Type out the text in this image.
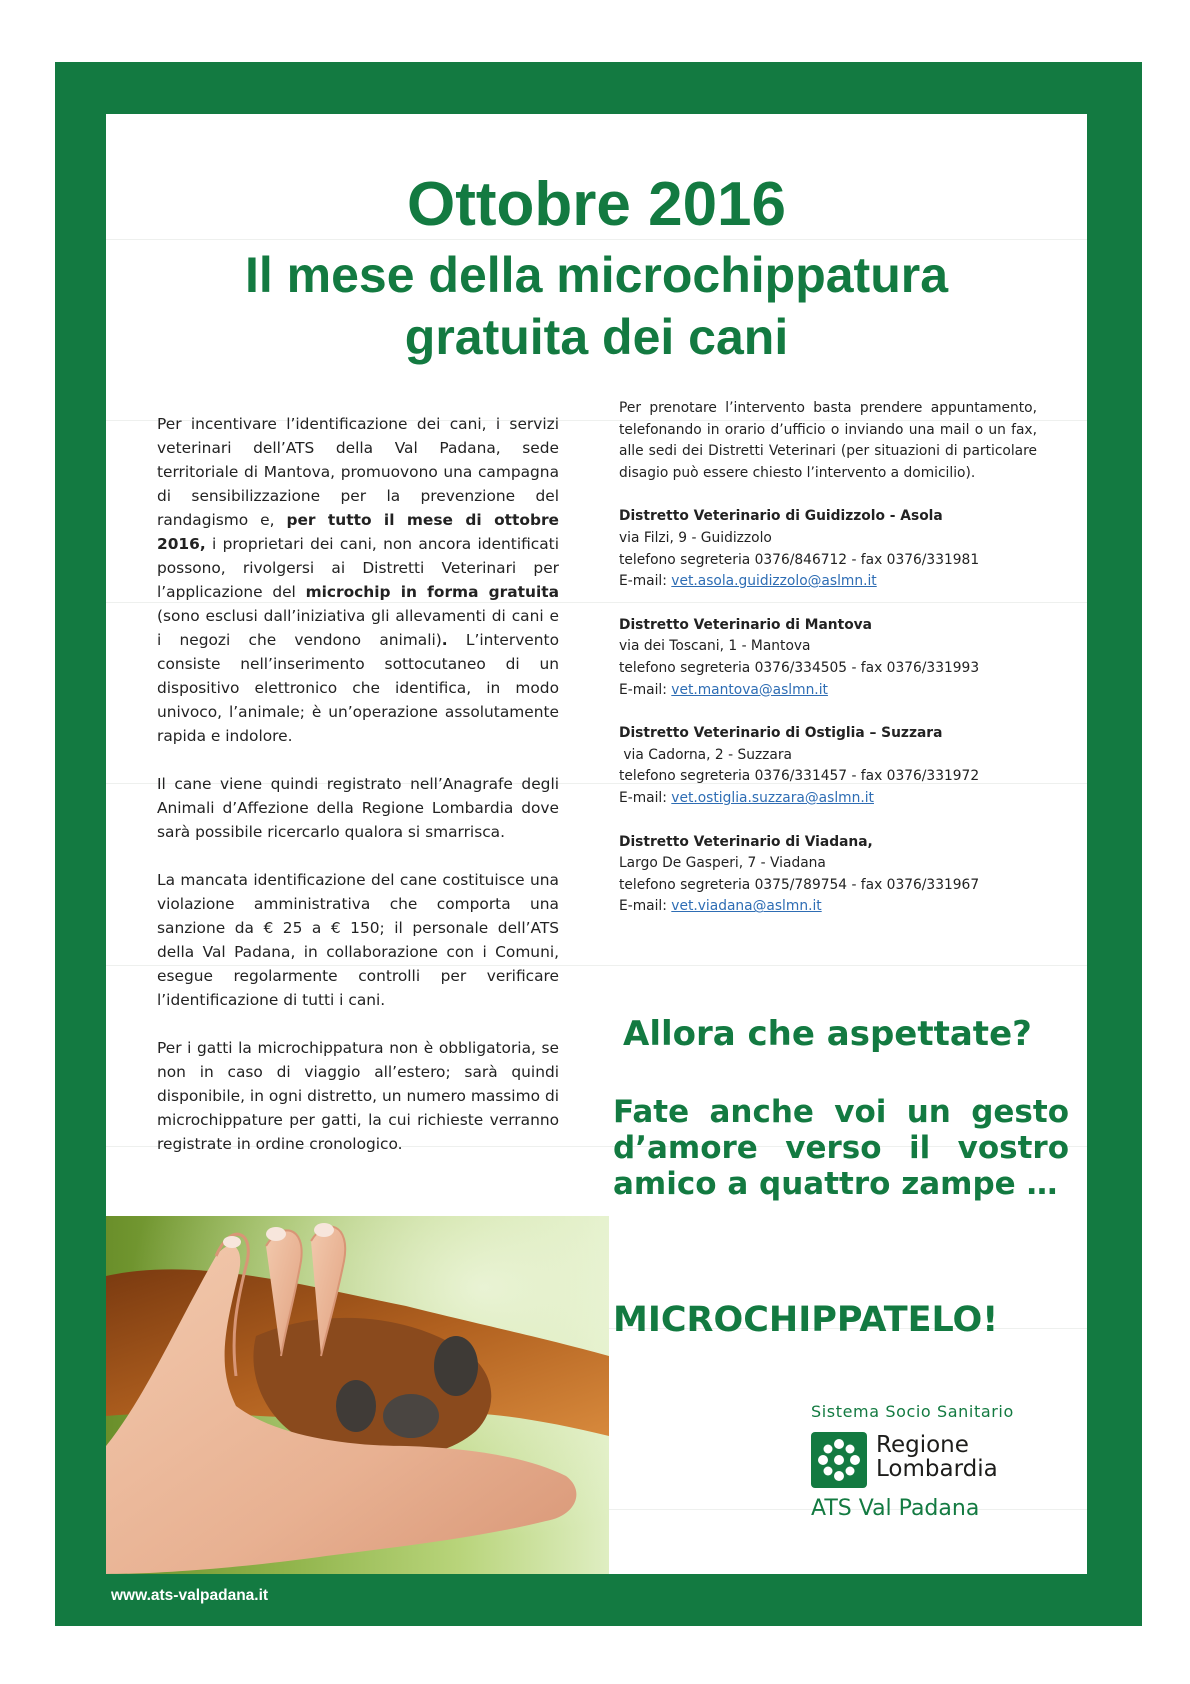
Ottobre 2016
Il mese della microchippatura
gratuita dei cani

Per incentivare l’identificazione dei cani, i servizi veterinari dell’ATS della Val Padana, sede territoriale di Mantova, promuovono una campagna di sensibilizzazione per la prevenzione del randagismo e, per tutto il mese di ottobre 2016, i proprietari dei cani, non ancora identificati possono, rivolgersi ai Distretti Veterinari per l’applicazione del microchip in forma gratuita (sono esclusi dall’iniziativa gli allevamenti di cani e i negozi che vendono animali). L’intervento consiste nell’inserimento sottocutaneo di un dispositivo elettronico che identifica, in modo univoco, l’animale; è un’operazione assolutamente rapida e indolore.

Il cane viene quindi registrato nell’Anagrafe degli Animali d’Affezione della Regione Lombardia dove sarà possibile ricercarlo qualora si smarrisca.

La mancata identificazione del cane costituisce una violazione amministrativa che comporta una sanzione da € 25 a € 150; il personale dell’ATS della Val Padana, in collaborazione con i Comuni, esegue regolarmente controlli per verificare l’identificazione di tutti i cani.

Per i gatti la microchippatura non è obbligatoria, se non in caso di viaggio all’estero; sarà quindi disponibile, in ogni distretto, un numero massimo di microchippature per gatti, la cui richieste verranno registrate in ordine cronologico.

Per prenotare l’intervento basta prendere appuntamento, telefonando in orario d’ufficio o inviando una mail o un fax, alle sedi dei Distretti Veterinari (per situazioni di particolare disagio può essere chiesto l’intervento a domicilio).

Distretto Veterinario di Guidizzolo - Asola
via Filzi, 9 - Guidizzolo
telefono segreteria 0376/846712 - fax 0376/331981
E-mail: vet.asola.guidizzolo@aslmn.it
Distretto Veterinario di Mantova
via dei Toscani, 1 - Mantova
telefono segreteria 0376/334505 - fax 0376/331993
E-mail: vet.mantova@aslmn.it
Distretto Veterinario di Ostiglia – Suzzara
via Cadorna, 2 - Suzzara
telefono segreteria 0376/331457 - fax 0376/331972
E-mail: vet.ostiglia.suzzara@aslmn.it
Distretto Veterinario di Viadana,
Largo De Gasperi, 7 - Viadana
telefono segreteria 0375/789754 - fax 0376/331967
E-mail: vet.viadana@aslmn.it
Allora che aspettate?
Fate anche voi un gesto d’amore verso il vostro amico a quattro zampe …
MICROCHIPPATELO!
Sistema Socio Sanitario
Regione
Lombardia
ATS Val Padana
www.ats-valpadana.it
